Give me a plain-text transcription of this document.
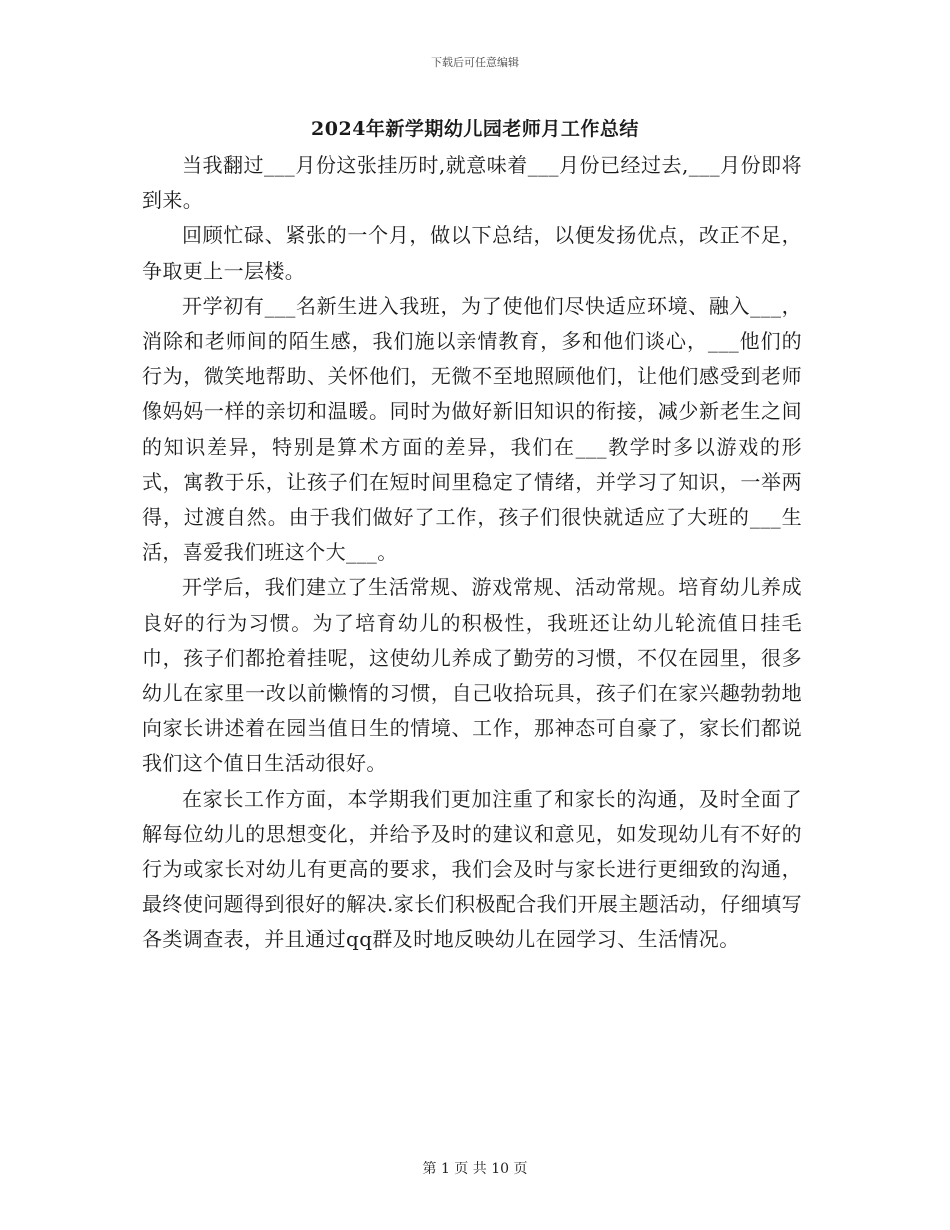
下载后可任意编辑
2024年新学期幼儿园老师月工作总结

当我翻过___月份这张挂历时,就意味着___月份已经过去,___月份即将到来。

回顾忙碌、紧张的一个月，做以下总结，以便发扬优点，改正不足，争取更上一层楼。

开学初有___名新生进入我班，为了使他们尽快适应环境、融入___，消除和老师间的陌生感，我们施以亲情教育，多和他们谈心，___他们的行为，微笑地帮助、关怀他们，无微不至地照顾他们，让他们感受到老师像妈妈一样的亲切和温暖。同时为做好新旧知识的衔接，减少新老生之间的知识差异，特别是算术方面的差异，我们在___教学时多以游戏的形式，寓教于乐，让孩子们在短时间里稳定了情绪，并学习了知识，一举两得，过渡自然。由于我们做好了工作，孩子们很快就适应了大班的___生活，喜爱我们班这个大___。

开学后，我们建立了生活常规、游戏常规、活动常规。培育幼儿养成良好的行为习惯。为了培育幼儿的积极性，我班还让幼儿轮流值日挂毛巾，孩子们都抢着挂呢，这使幼儿养成了勤劳的习惯，不仅在园里，很多幼儿在家里一改以前懒惰的习惯，自己收拾玩具，孩子们在家兴趣勃勃地向家长讲述着在园当值日生的情境、工作，那神态可自豪了，家长们都说我们这个值日生活动很好。

在家长工作方面，本学期我们更加注重了和家长的沟通，及时全面了解每位幼儿的思想变化，并给予及时的建议和意见，如发现幼儿有不好的行为或家长对幼儿有更高的要求，我们会及时与家长进行更细致的沟通，最终使问题得到很好的解决.家长们积极配合我们开展主题活动，仔细填写各类调查表，并且通过qq群及时地反映幼儿在园学习、生活情况。

第 1 页 共 10 页
